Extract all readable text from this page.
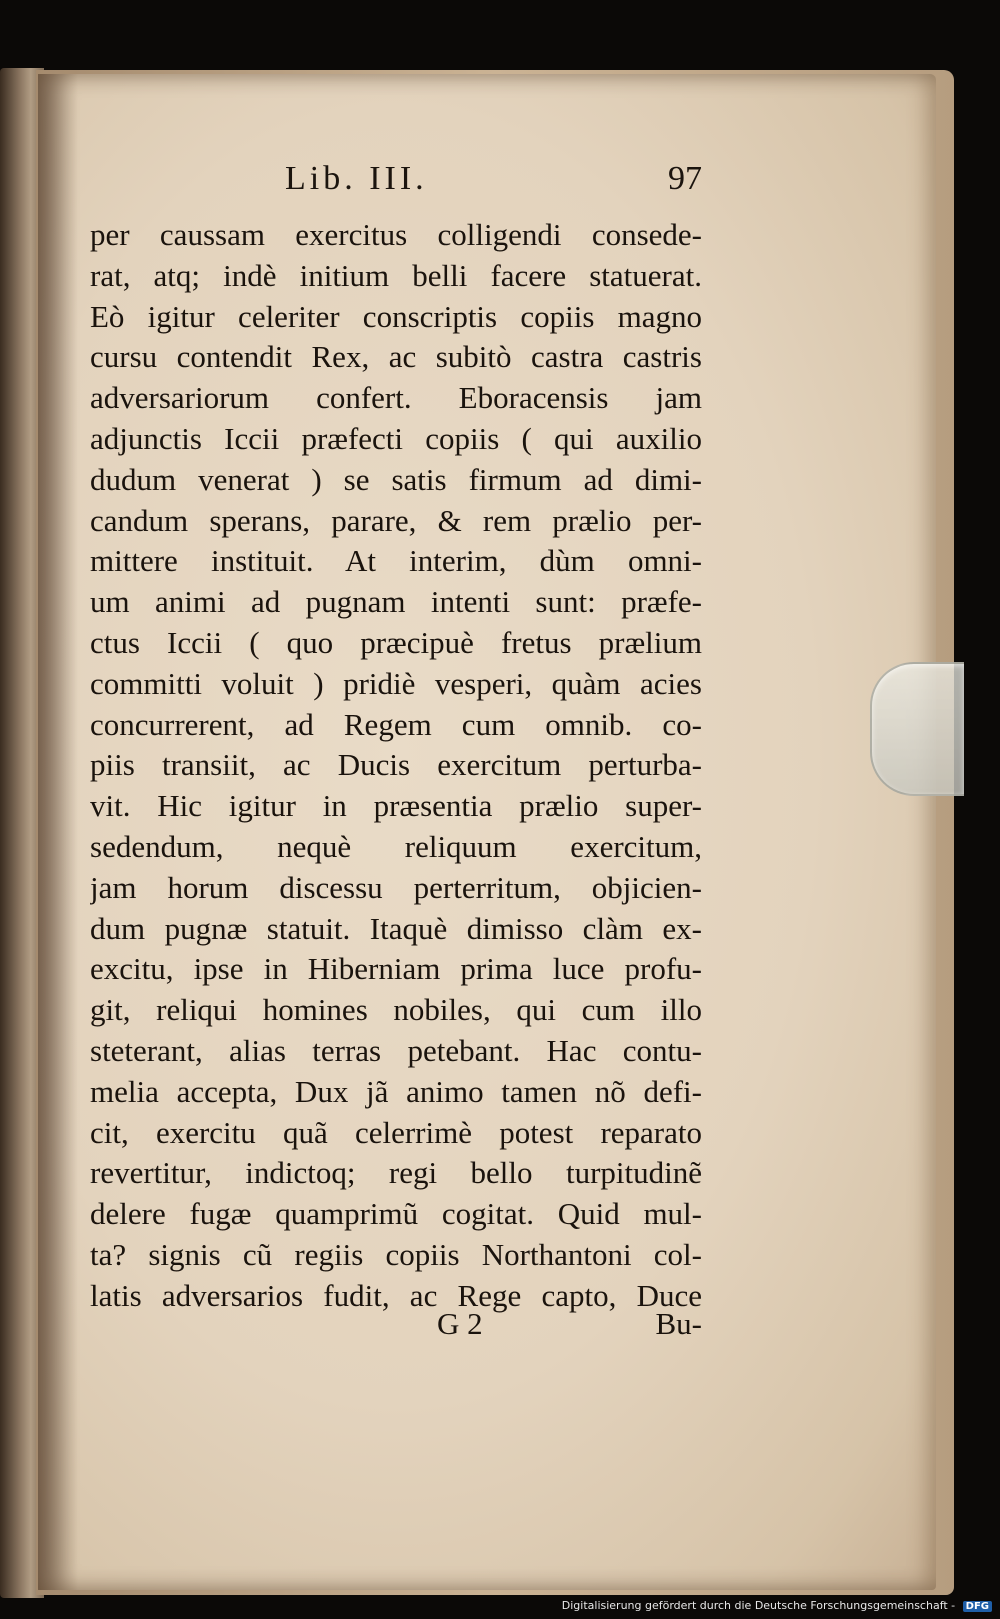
Lib. III.	97
per caussam exercitus colligendi consede-
rat, atq; indè initium belli facere statuerat.
Eò igitur celeriter conscriptis copiis magno
cursu contendit Rex, ac subitò castra castris
adversariorum confert. Eboracensis jam
adjunctis Iccii præfecti copiis ( qui auxilio
dudum venerat ) se satis firmum ad dimi-
candum sperans, parare, & rem prælio per-
mittere instituit. At interim, dùm omni-
um animi ad pugnam intenti sunt: præfe-
ctus Iccii ( quo præcipuè fretus prælium
committi voluit ) pridiè vesperi, quàm acies
concurrerent, ad Regem cum omnib. co-
piis transiit, ac Ducis exercitum perturba-
vit. Hic igitur in præsentia prælio super-
sedendum, nequè reliquum exercitum,
jam horum discessu perterritum, objicien-
dum pugnæ statuit. Itaquè dimisso clàm ex-
excitu, ipse in Hiberniam prima luce profu-
git, reliqui homines nobiles, qui cum illo
steterant, alias terras petebant. Hac contu-
melia accepta, Dux jã animo tamen nõ defi-
cit, exercitu quã celerrimè potest reparato
revertitur, indictoq; regi bello turpitudinẽ
delere fugæ quamprimũ cogitat. Quid mul-
ta? signis cũ regiis copiis Northantoni col-
latis adversarios fudit, ac Rege capto, Duce
G 2	Bu-
Digitalisierung gefördert durch die Deutsche Forschungsgemeinschaft - DFG
